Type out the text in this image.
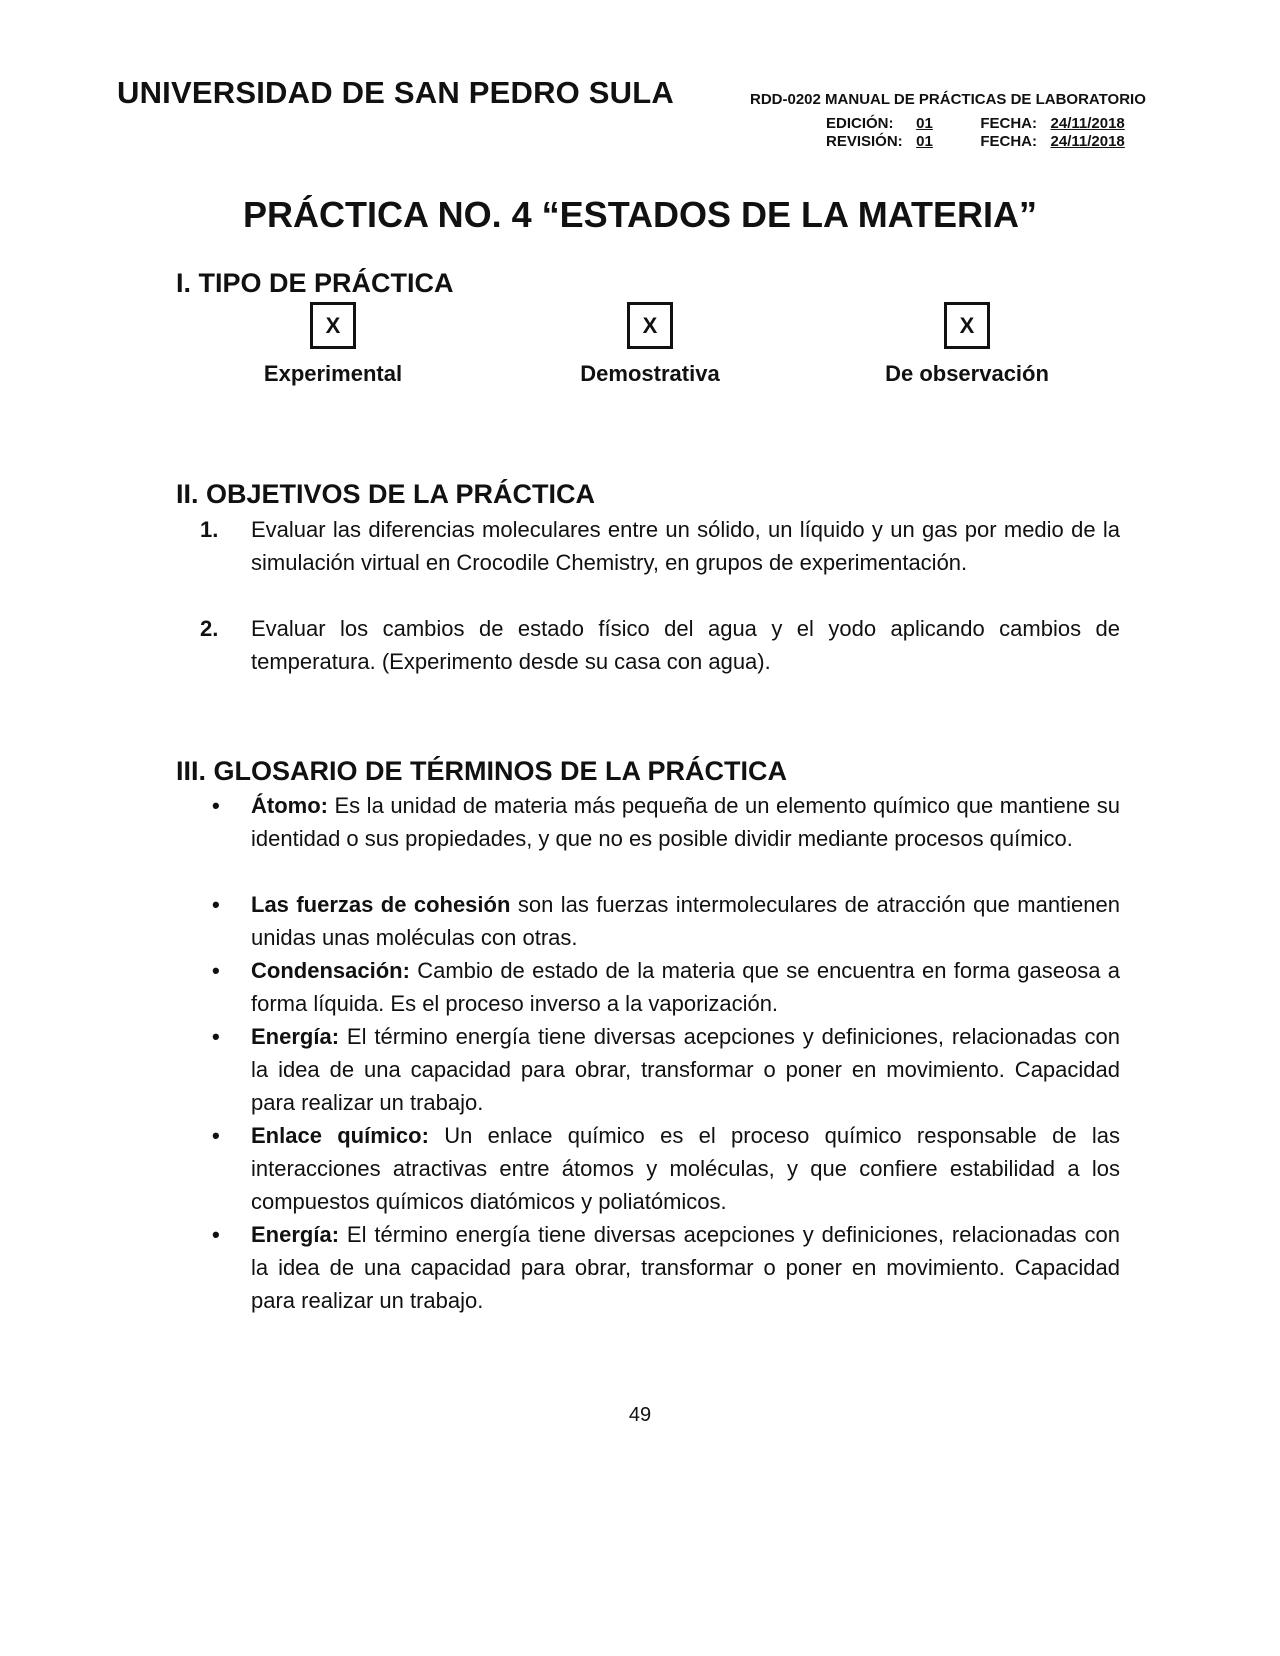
UNIVERSIDAD DE SAN PEDRO SULA	RDD-0202 MANUAL DE PRÁCTICAS DE LABORATORIO
EDICIÓN: 01	FECHA: 24/11/2018
REVISIÓN: 01	FECHA: 24/11/2018
PRÁCTICA NO. 4 “ESTADOS DE LA MATERIA”
I. TIPO DE PRÁCTICA
X
Experimental
X
Demostrativa
X
De observación
II. OBJETIVOS DE LA PRÁCTICA
1.	Evaluar las diferencias moleculares entre un sólido, un líquido y un gas por medio de la simulación virtual en Crocodile Chemistry, en grupos de experimentación.
2.	Evaluar los cambios de estado físico del agua y el yodo aplicando cambios de temperatura. (Experimento desde su casa con agua).
III. GLOSARIO DE TÉRMINOS DE LA PRÁCTICA
•	Átomo: Es la unidad de materia más pequeña de un elemento químico que mantiene su identidad o sus propiedades, y que no es posible dividir mediante procesos químico.
•	Las fuerzas de cohesión son las fuerzas intermoleculares de atracción que mantienen unidas unas moléculas con otras.
•	Condensación: Cambio de estado de la materia que se encuentra en forma gaseosa a forma líquida. Es el proceso inverso a la vaporización.
•	Energía: El término energía tiene diversas acepciones y definiciones, relacionadas con la idea de una capacidad para obrar, transformar o poner en movimiento. Capacidad para realizar un trabajo.
•	Enlace químico: Un enlace químico es el proceso químico responsable de las interacciones atractivas entre átomos y moléculas, y que confiere estabilidad a los compuestos químicos diatómicos y poliatómicos.
•	Energía: El término energía tiene diversas acepciones y definiciones, relacionadas con la idea de una capacidad para obrar, transformar o poner en movimiento. Capacidad para realizar un trabajo.
49
